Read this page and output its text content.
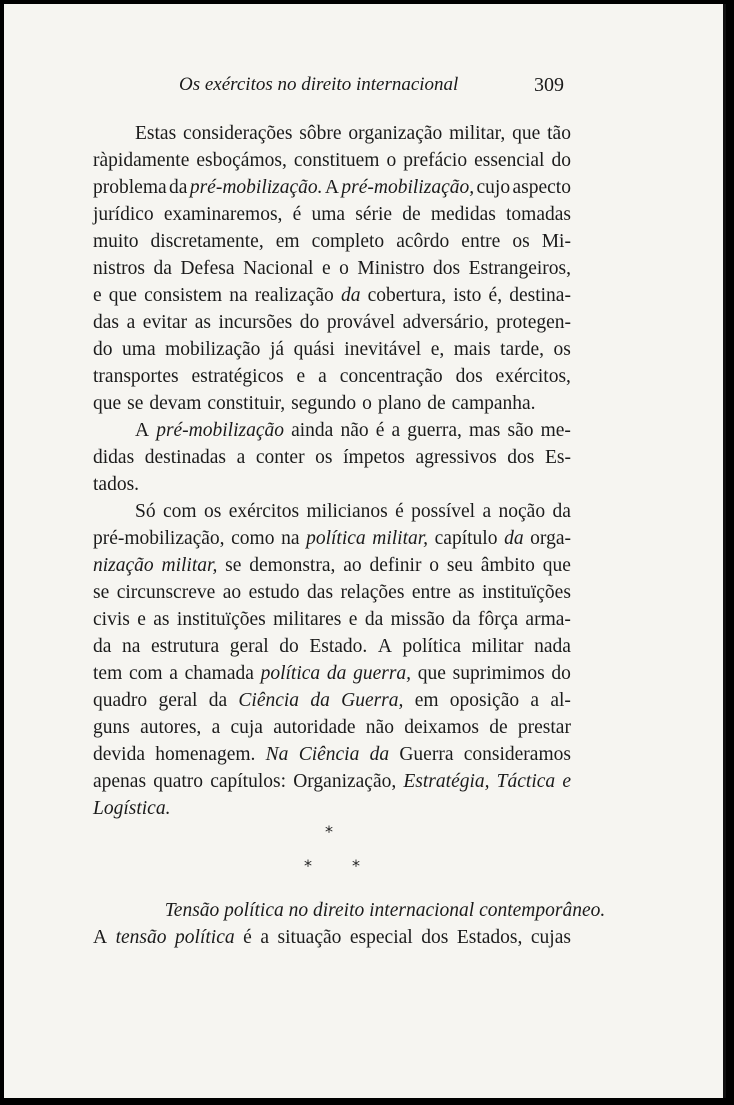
Os exércitos no direito internacional	309
Estas considerações sôbre organização militar, que tão
ràpidamente esboçámos, constituem o prefácio essencial do
problema da pré-mobilização. A pré-mobilização, cujo aspecto
jurídico examinaremos, é uma série de medidas tomadas
muito discretamente, em completo acôrdo entre os Mi-
nistros da Defesa Nacional e o Ministro dos Estrangeiros,
e que consistem na realização da cobertura, isto é, destina-
das a evitar as incursões do provável adversário, protegen-
do uma mobilização já quási inevitável e, mais tarde, os
transportes estratégicos e a concentração dos exércitos,
que se devam constituir, segundo o plano de campanha.
A pré-mobilização ainda não é a guerra, mas são me-
didas destinadas a conter os ímpetos agressivos dos Es-
tados.
Só com os exércitos milicianos é possível a noção da
pré-mobilização, como na política militar, capítulo da orga-
nização militar, se demonstra, ao definir o seu âmbito que
se circunscreve ao estudo das relações entre as instituïções
civis e as instituïções militares e da missão da fôrça arma-
da na estrutura geral do Estado. A política militar nada
tem com a chamada política da guerra, que suprimimos do
quadro geral da Ciência da Guerra, em oposição a al-
guns autores, a cuja autoridade não deixamos de prestar
devida homenagem. Na Ciência da Guerra consideramos
apenas quatro capítulos: Organização, Estratégia, Táctica e
Logística.
*
*	*
Tensão política no direito internacional contemporâneo.
A tensão política é a situação especial dos Estados, cujas
